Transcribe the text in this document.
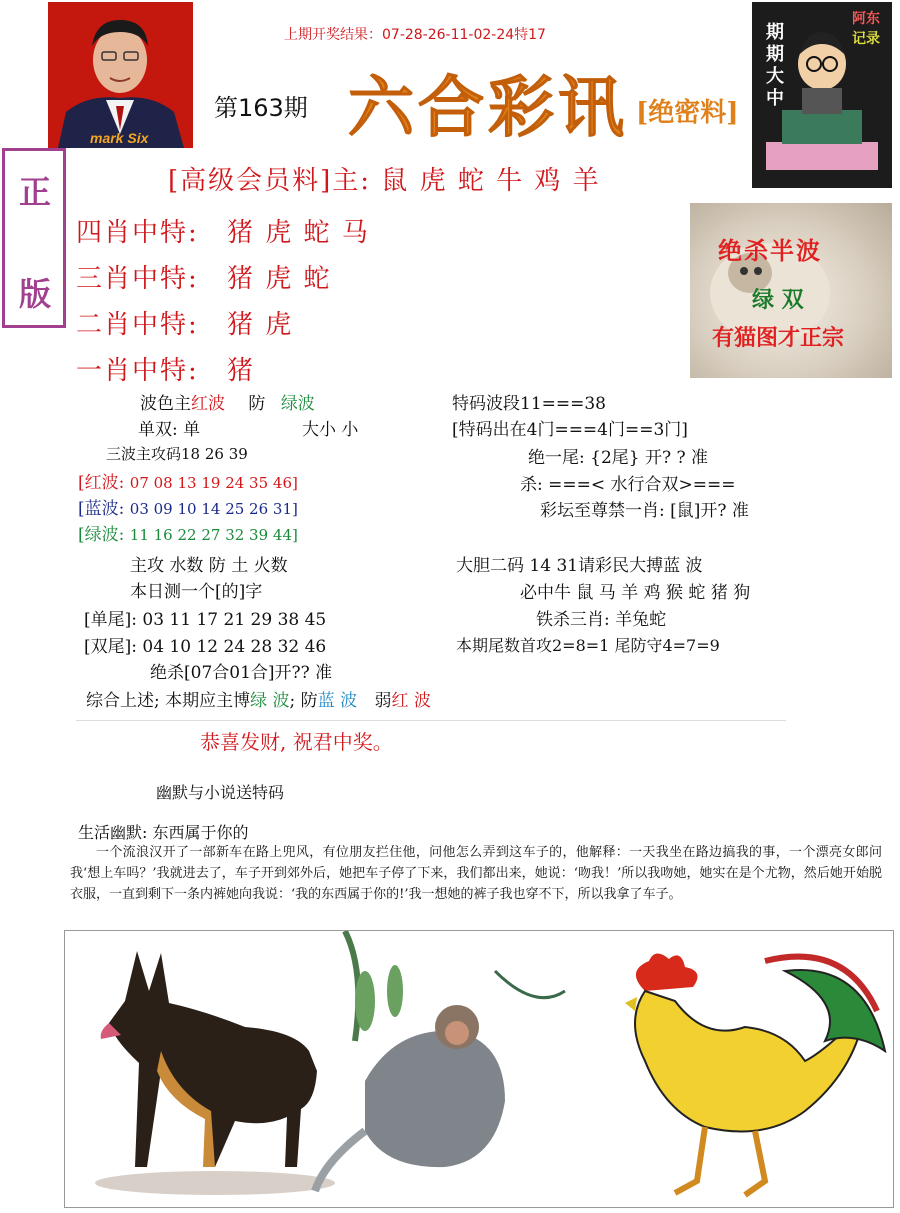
mark Six
上期开奖结果：07-28-26-11-02-24特17
第163期 六合彩讯 [绝密料]
期期大中
阿东
记录
正
版
[高级会员料]主: 鼠 虎 蛇 牛 鸡 羊
四肖中特: 猪 虎 蛇 马
三肖中特: 猪 虎 蛇
二肖中特: 猪 虎
一肖中特: 猪
绝杀半波
绿 双
有猫图才正宗
波色主红波 防 绿波
单双: 单	大小 小
三波主攻码18 26 39
[红波: 07 08 13 19 24 35 46]
[蓝波: 03 09 10 14 25 26 31]
[绿波: 11 16 22 27 32 39 44]
主攻 水数 防 土 火数
本日测一个[的]字
[单尾]: 03 11 17 21 29 38 45
[双尾]: 04 10 12 24 28 32 46
绝杀[07合01合]开?? 准
特码波段11===38
[特码出在4门===4门==3门]
绝一尾: {2尾} 开? ? 准
杀: ===< 水行合双>===
彩坛至尊禁一肖: [鼠]开? 准
大胆二码 14 31请彩民大搏蓝 波
必中牛 鼠 马 羊 鸡 猴 蛇 猪 狗
铁杀三肖: 羊兔蛇
本期尾数首攻2=8=1 尾防守4=7=9
综合上述; 本期应主博绿 波; 防蓝 波 弱红 波
恭喜发财, 祝君中奖。
幽默与小说送特码
生活幽默: 东西属于你的
一个流浪汉开了一部新车在路上兜风，有位朋友拦住他，问他怎么弄到这车子的，他解释：一天我坐在路边搞我的事，一个漂亮女郎问我‘想上车吗？’我就进去了，车子开到郊外后，她把车子停了下来，我们都出来，她说：‘吻我！’所以我吻她，她实在是个尤物，然后她开始脱衣服，一直到剩下一条内裤她向我说：‘我的东西属于你的!’我一想她的裤子我也穿不下，所以我拿了车子。
